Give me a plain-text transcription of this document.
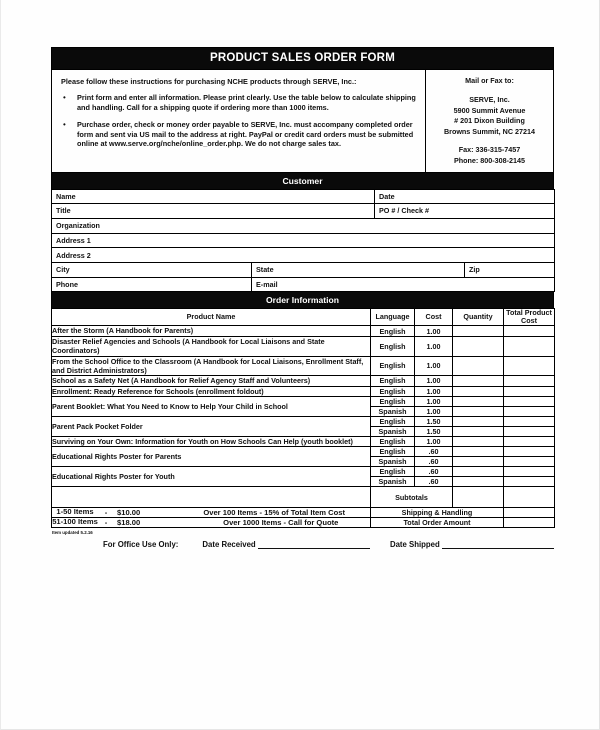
PRODUCT SALES ORDER FORM
Please follow these instructions for purchasing NCHE products through SERVE, Inc.:
•	Print form and enter all information. Please print clearly. Use the table below to calculate shipping and handling. Call for a shipping quote if ordering more than 1000 items.
•	Purchase order, check or money order payable to SERVE, Inc. must accompany completed order form and sent via US mail to the address at right. PayPal or credit card orders must be submitted online at www.serve.org/nche/online_order.php. We do not charge sales tax.
Mail or Fax to:
SERVE, Inc.
5900 Summit Avenue
# 201 Dixon Building
Browns Summit, NC 27214
Fax: 336-315-7457
Phone: 800-308-2145
Customer
Name		Date	
Title		PO # / Check #	
Organization			
Address 1			
Address 2			
City	State		Zip
Phone	E-mail		
Order Information
Product Name	Language	Cost	Quantity	Total Product Cost
After the Storm (A Handbook for Parents)	English	1.00		
Disaster Relief Agencies and Schools (A Handbook for Local Liaisons and State Coordinators)	English	1.00		
From the School Office to the Classroom (A Handbook for Local Liaisons, Enrollment Staff, and District Administrators)	English	1.00		
School as a Safety Net (A Handbook for Relief Agency Staff and Volunteers)	English	1.00		
Enrollment: Ready Reference for Schools (enrollment foldout)	English	1.00		
Parent Booklet: What You Need to Know to Help Your Child in School	English	1.00		
	Spanish	1.00		
Parent Pack Pocket Folder	English	1.50		
	Spanish	1.50		
Surviving on Your Own: Information for Youth on How Schools Can Help (youth booklet)	English	1.00		
Educational Rights Poster for Parents	English	.60		
	Spanish	.60		
Educational Rights Poster for Youth	English	.60		
	Spanish	.60		

Shipping and Handling
Orders Ship Fed Ex Ground. Alaska and Hawaii orders: call for quote	Subtotals			

1-50 Items - $10.00 Over 100 Items - 15% of Total Item Cost	Shipping & Handling			

51-100 Items - $18.00 Over 1000 Items - Call for Quote	Total Order Amount			
Item updated 5.2.16
For Office Use Only:	Date Received	Date Shipped
